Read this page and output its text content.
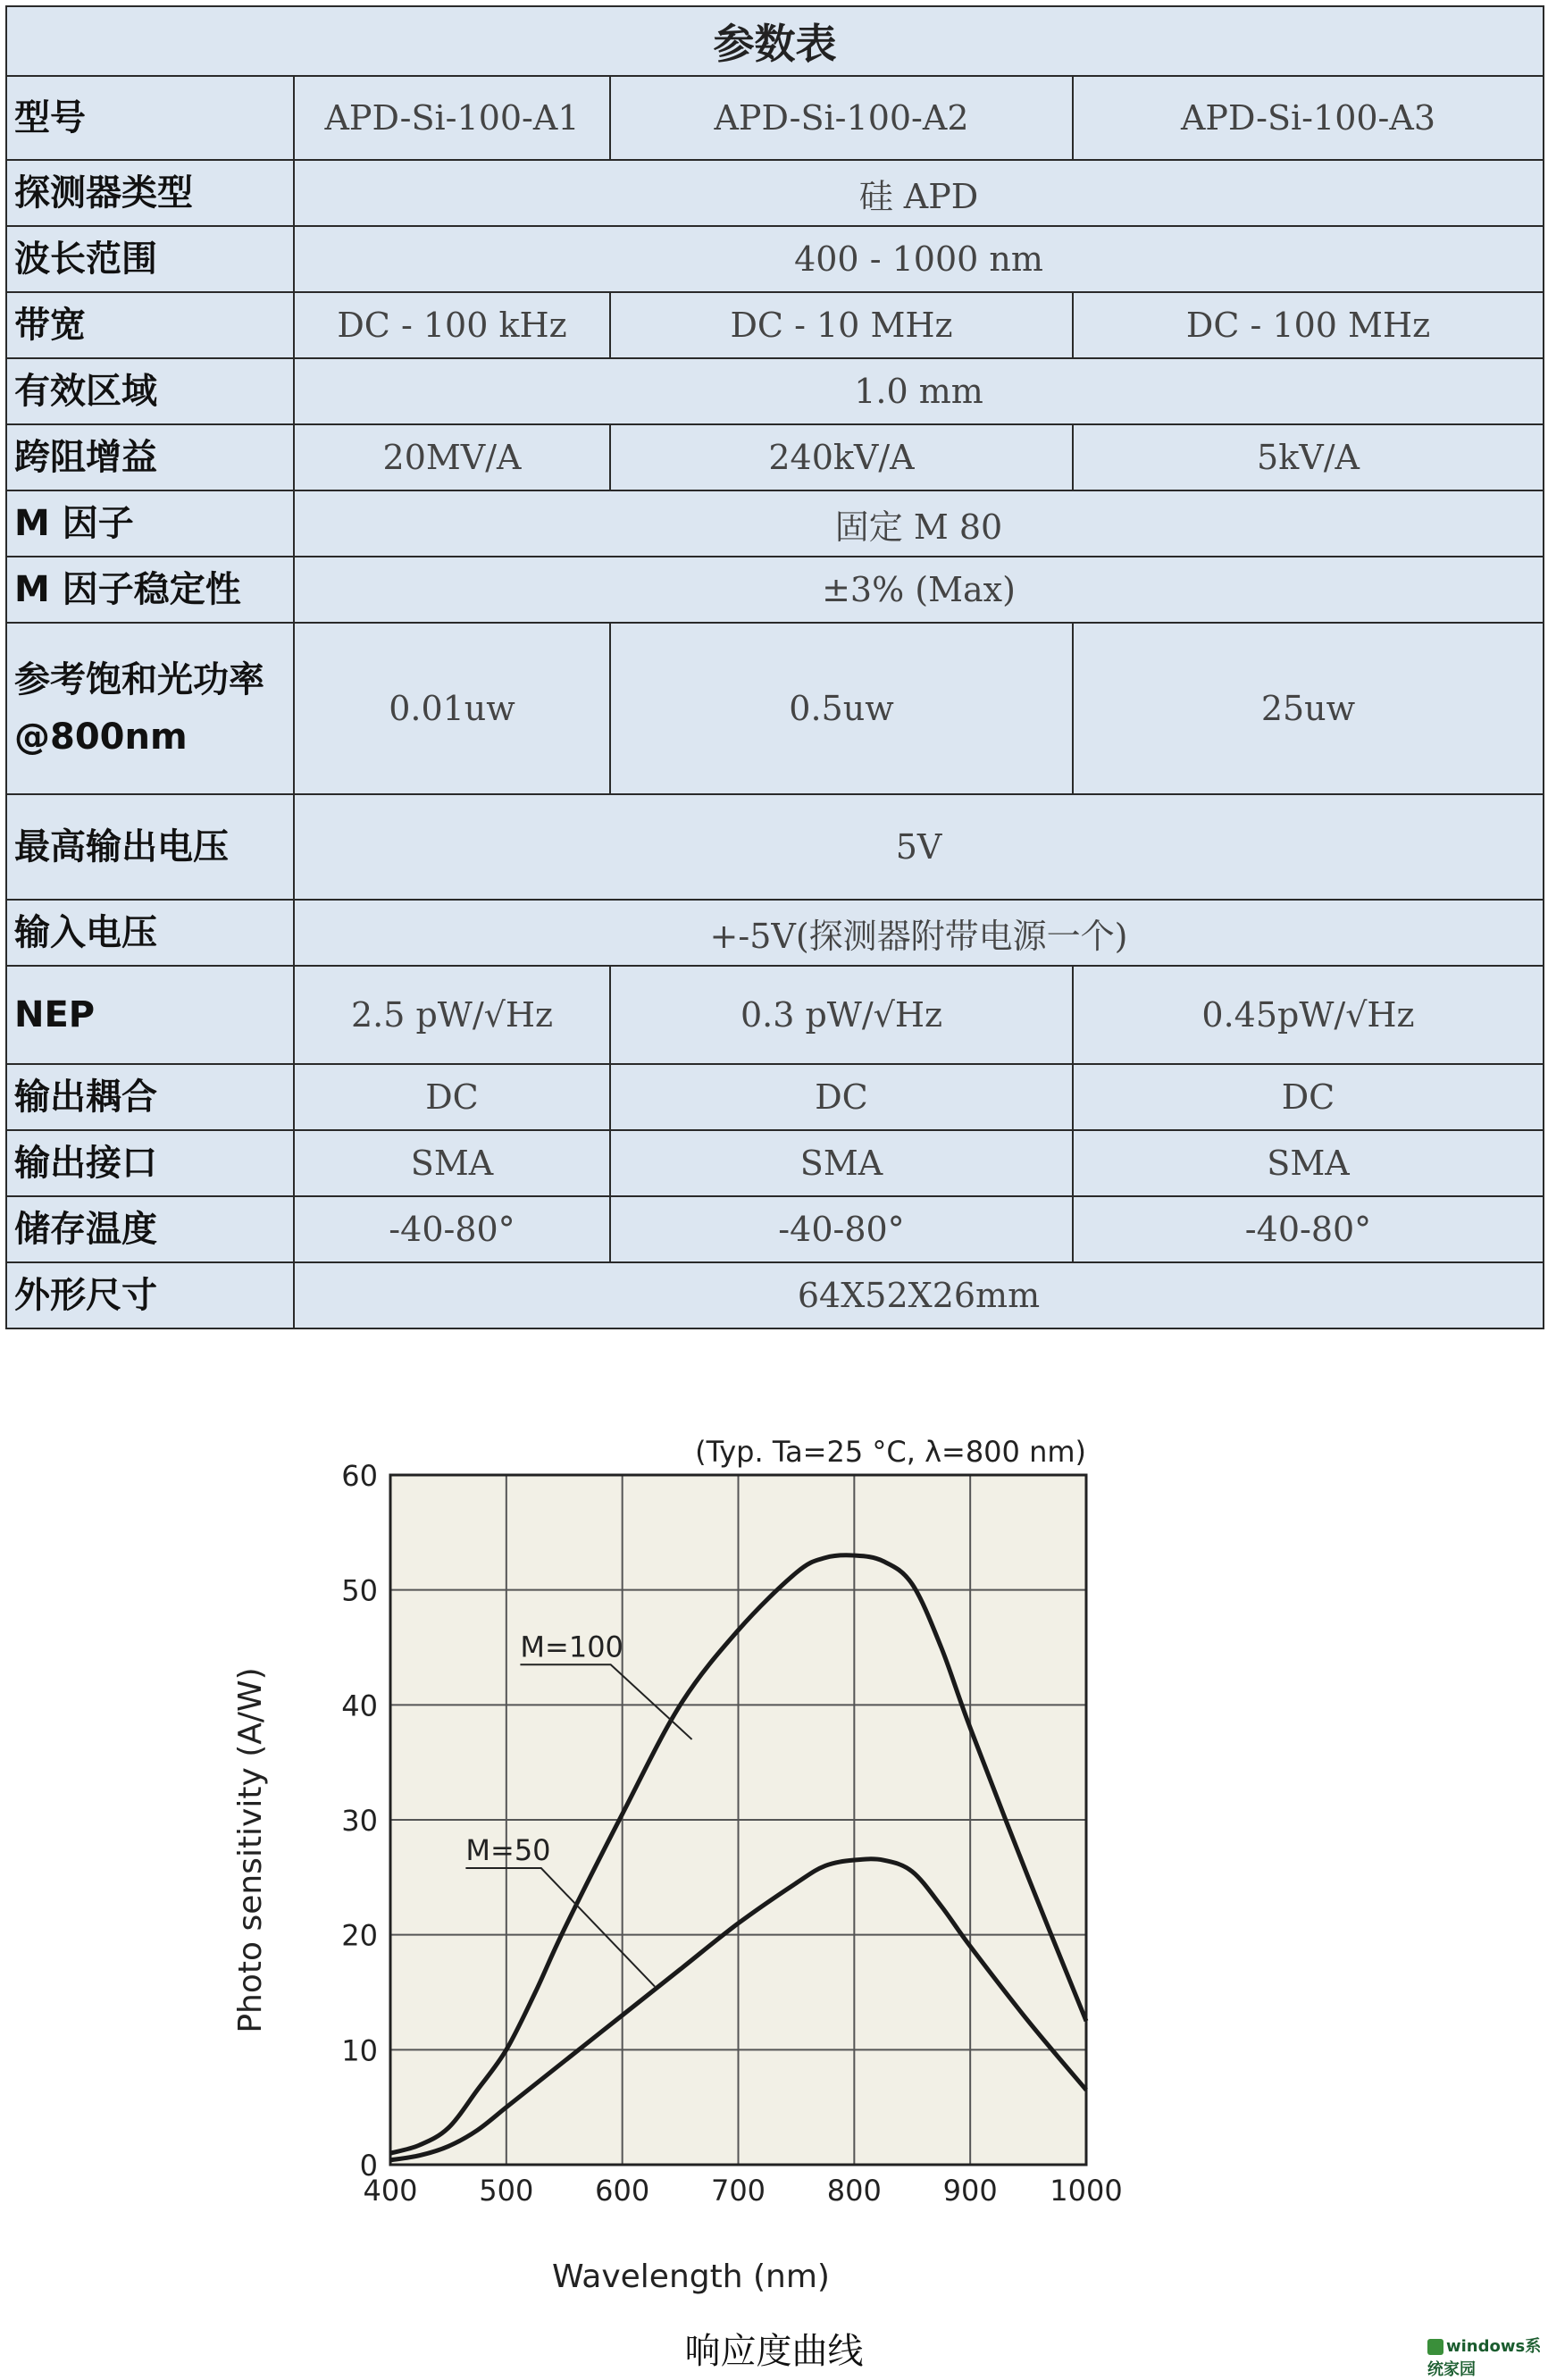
参数表			
型号	APD-Si-100-A1	APD-Si-100-A2	APD-Si-100-A3
探测器类型	硅 APD		
波长范围	400 - 1000 nm		
带宽	DC - 100 kHz	DC - 10 MHz	DC - 100 MHz
有效区域	1.0 mm		
跨阻增益	20MV/A	240kV/A	5kV/A
M 因子	固定 M 80		
M 因子稳定性	±3% (Max)		
参考饱和光功率
@800nm	0.01uw	0.5uw	25uw
最高输出电压	5V		
输入电压	+-5V(探测器附带电源一个)		
NEP	2.5 pW/√Hz	0.3 pW/√Hz	0.45pW/√Hz
输出耦合	DC	DC	DC
输出接口	SMA	SMA	SMA
储存温度	-40-80°	-40-80°	-40-80°
外形尺寸	64X52X26mm		
400 500 600 700 800 900 1000
0
10
20
30
40
50
60
(Typ. Ta=25 °C, λ=800 nm)
Wavelength (nm)
Photo sensitivity (A/W)
M=100
M=50
响应度曲线	windows系统家园
